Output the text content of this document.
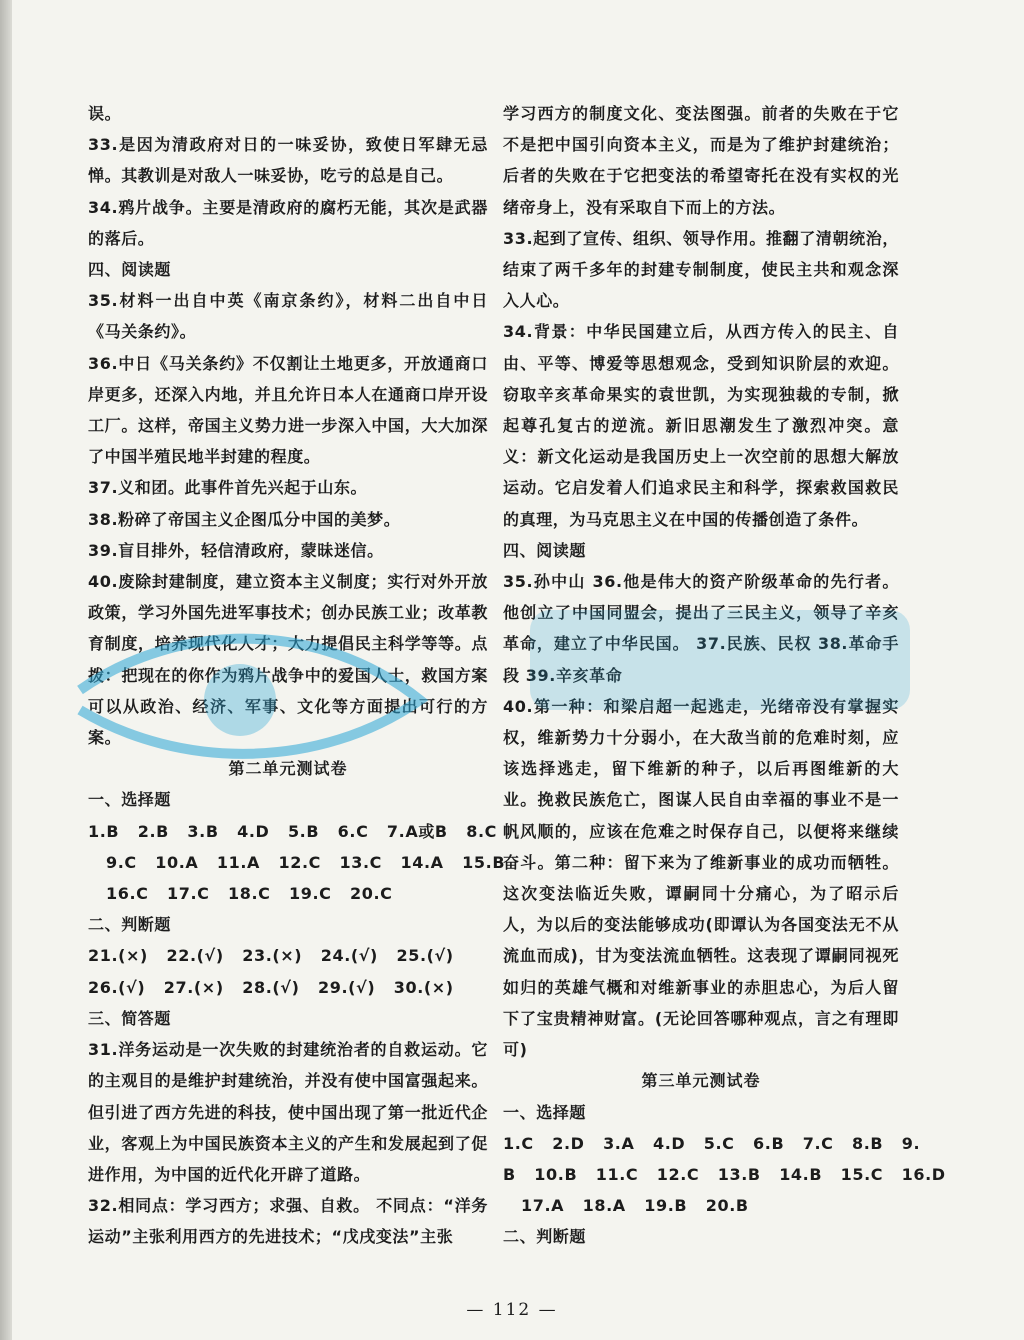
误。

33.是因为清政府对日的一味妥协，致使日军肆无忌惮。其教训是对敌人一味妥协，吃亏的总是自己。

34.鸦片战争。主要是清政府的腐朽无能，其次是武器的落后。

四、阅读题

35.材料一出自中英《南京条约》，材料二出自中日《马关条约》。

36.中日《马关条约》不仅割让土地更多，开放通商口岸更多，还深入内地，并且允许日本人在通商口岸开设工厂。这样，帝国主义势力进一步深入中国，大大加深了中国半殖民地半封建的程度。

37.义和团。此事件首先兴起于山东。

38.粉碎了帝国主义企图瓜分中国的美梦。

39.盲目排外，轻信清政府，蒙昧迷信。

40.废除封建制度，建立资本主义制度；实行对外开放政策，学习外国先进军事技术；创办民族工业；改革教育制度，培养现代化人才；大力提倡民主科学等等。点拨：把现在的你作为鸦片战争中的爱国人士，救国方案可以从政治、经济、军事、文化等方面提出可行的方案。

第二单元测试卷

一、选择题

1.B   2.B   3.B   4.D   5.B   6.C   7.A或B   8.C
9.C   10.A   11.A   12.C   13.C   14.A   15.B
16.C   17.C   18.C   19.C   20.C

二、判断题

21.(×)   22.(√)   23.(×)   24.(√)   25.(√)
26.(√)   27.(×)   28.(√)   29.(√)   30.(×)

三、简答题

31.洋务运动是一次失败的封建统治者的自救运动。它的主观目的是维护封建统治，并没有使中国富强起来。但引进了西方先进的科技，使中国出现了第一批近代企业，客观上为中国民族资本主义的产生和发展起到了促进作用，为中国的近代化开辟了道路。

32.相同点：学习西方；求强、自救。 不同点：“洋务运动”主张利用西方的先进技术；“戊戌变法”主张

学习西方的制度文化、变法图强。前者的失败在于它不是把中国引向资本主义，而是为了维护封建统治；后者的失败在于它把变法的希望寄托在没有实权的光绪帝身上，没有采取自下而上的方法。

33.起到了宣传、组织、领导作用。推翻了清朝统治，结束了两千多年的封建专制制度，使民主共和观念深入人心。

34.背景：中华民国建立后，从西方传入的民主、自由、平等、博爱等思想观念，受到知识阶层的欢迎。窃取辛亥革命果实的袁世凯，为实现独裁的专制，掀起尊孔复古的逆流。新旧思潮发生了激烈冲突。意义：新文化运动是我国历史上一次空前的思想大解放运动。它启发着人们追求民主和科学，探索救国救民的真理，为马克思主义在中国的传播创造了条件。

四、阅读题

35.孙中山 36.他是伟大的资产阶级革命的先行者。他创立了中国同盟会，提出了三民主义，领导了辛亥革命，建立了中华民国。 37.民族、民权 38.革命手段 39.辛亥革命

40.第一种：和梁启超一起逃走，光绪帝没有掌握实权，维新势力十分弱小，在大敌当前的危难时刻，应该选择逃走，留下维新的种子，以后再图维新的大业。挽救民族危亡，图谋人民自由幸福的事业不是一帆风顺的，应该在危难之时保存自己，以便将来继续奋斗。第二种：留下来为了维新事业的成功而牺牲。这次变法临近失败，谭嗣同十分痛心，为了昭示后人，为以后的变法能够成功(即谭认为各国变法无不从流血而成)，甘为变法流血牺牲。这表现了谭嗣同视死如归的英雄气概和对维新事业的赤胆忠心，为后人留下了宝贵精神财富。(无论回答哪种观点，言之有理即可)

第三单元测试卷

一、选择题

1.C   2.D   3.A   4.D   5.C   6.B   7.C   8.B   9.
B   10.B   11.C   12.C   13.B   14.B   15.C   16.D
17.A   18.A   19.B   20.B

二、判断题

— 112 —
